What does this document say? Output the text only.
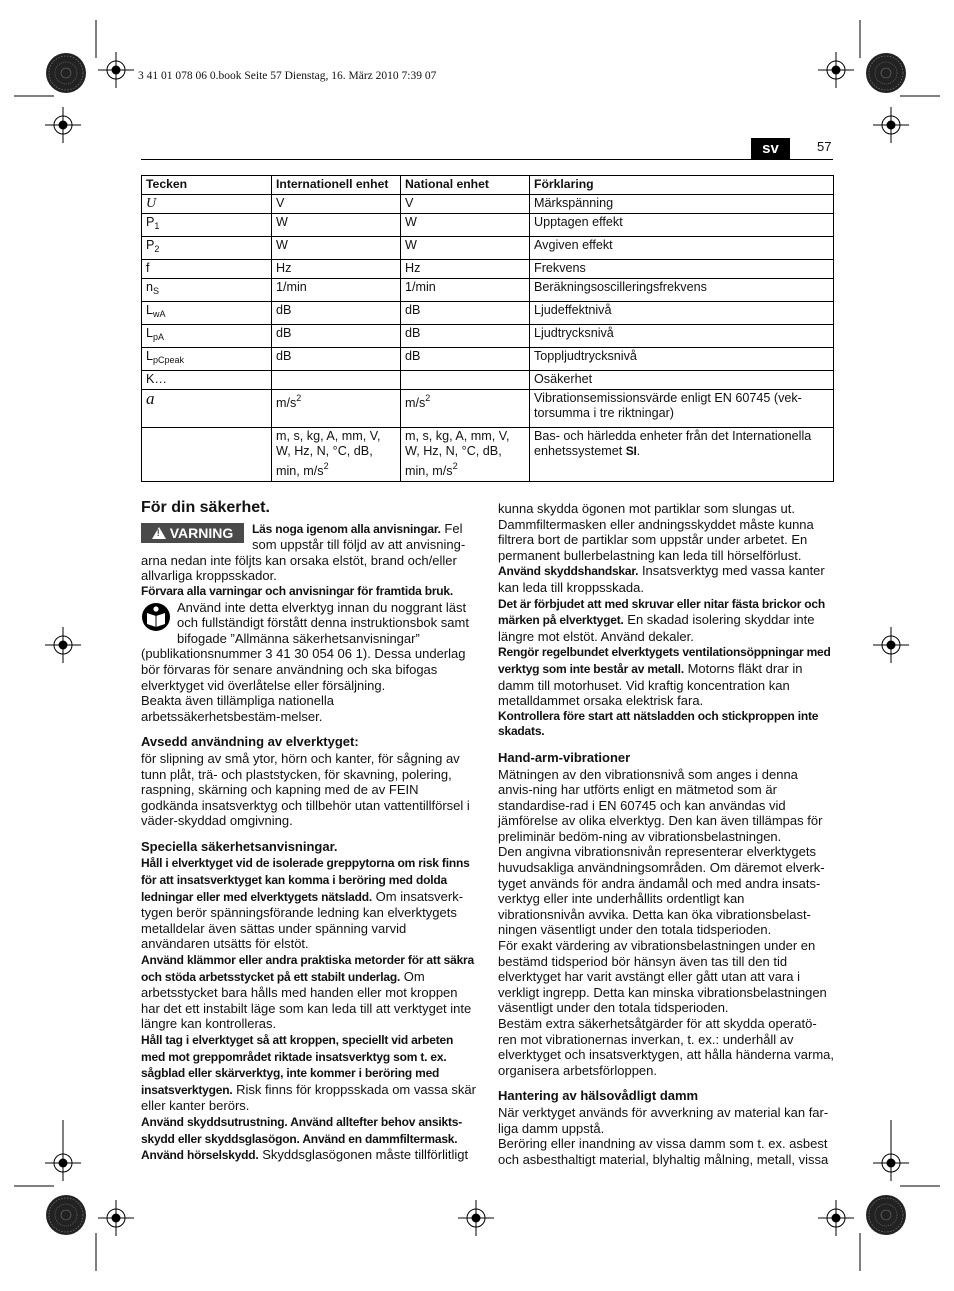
3 41 01 078 06 0.book Seite 57 Dienstag, 16. März 2010 7:39 07
sv	57
Tecken	Internationell enhet	National enhet	Förklaring
U	V	V	Märkspänning
$P_1$	W	W	Upptagen effekt
$P_2$	W	W	Avgiven effekt
f	Hz	Hz	Frekvens
$n_S$	1/min	1/min	Beräkningsoscilleringsfrekvens
$L_{wA}$	dB	dB	Ljudeffektnivå
$L_{pA}$	dB	dB	Ljudtrycksnivå
$L_{pCpeak}$	dB	dB	Toppljudtrycksnivå
K…			Osäkerhet
a	$m/s^2$	$m/s^2$	Vibrationsemissionsvärde enligt EN 60745 (vek-torsumma i tre riktningar)
	m, s, kg, A, mm, V, W, Hz, N, °C, dB, min, $m/s^2$	m, s, kg, A, mm, V, W, Hz, N, °C, dB, min, $m/s^2$	Bas- och härledda enheter från det Internationella enhetssystemet SI.
För din säkerhet.

! VARNING Läs noga igenom alla anvisningar. Fel som uppstår till följd av att anvisning-arna nedan inte följts kan orsaka elstöt, brand och/eller allvarliga kroppsskador.

Förvara alla varningar och anvisningar för framtida bruk.

Använd inte detta elverktyg innan du noggrant läst och fullständigt förstått denna instruktionsbok samt bifogade ”Allmänna säkerhetsanvisningar” (publikationsnummer 3 41 30 054 06 1). Dessa underlag bör förvaras för senare användning och ska bifogas elverktyget vid överlåtelse eller försäljning.

Beakta även tillämpliga nationella arbetssäkerhetsbestäm-melser.

Avsedd användning av elverktyget:

för slipning av små ytor, hörn och kanter, för sågning av tunn plåt, trä- och plaststycken, för skavning, polering, raspning, skärning och kapning med de av FEIN godkända insatsverktyg och tillbehör utan vattentillförsel i väder-skyddad omgivning.

Speciella säkerhetsanvisningar.

Håll i elverktyget vid de isolerade greppytorna om risk finns för att insatsverktyget kan komma i beröring med dolda ledningar eller med elverktygets nätsladd. Om insatsverk-tygen berör spänningsförande ledning kan elverktygets metalldelar även sättas under spänning varvid användaren utsätts för elstöt.

Använd klämmor eller andra praktiska metorder för att säkra och stöda arbetsstycket på ett stabilt underlag. Om arbetsstycket bara hålls med handen eller mot kroppen har det ett instabilt läge som kan leda till att verktyget inte längre kan kontrolleras.

Håll tag i elverktyget så att kroppen, speciellt vid arbeten med mot greppområdet riktade insatsverktyg som t. ex. sågblad eller skärverktyg, inte kommer i beröring med insatsverktygen. Risk finns för kroppsskada om vassa skär eller kanter berörs.

Använd skyddsutrustning. Använd alltefter behov ansikts-skydd eller skyddsglasögon. Använd en dammfiltermask. Använd hörselskydd. Skyddsglasögonen måste tillförlitligt

kunna skydda ögonen mot partiklar som slungas ut. Dammfiltermasken eller andningsskyddet måste kunna filtrera bort de partiklar som uppstår under arbetet. En permanent bullerbelastning kan leda till hörselförlust.

Använd skyddshandskar. Insatsverktyg med vassa kanter kan leda till kroppsskada.

Det är förbjudet att med skruvar eller nitar fästa brickor och märken på elverktyget. En skadad isolering skyddar inte längre mot elstöt. Använd dekaler.

Rengör regelbundet elverktygets ventilationsöppningar med verktyg som inte består av metall. Motorns fläkt drar in damm till motorhuset. Vid kraftig koncentration kan metalldammet orsaka elektrisk fara.

Kontrollera före start att nätsladden och stickproppen inte skadats.

Hand-arm-vibrationer

Mätningen av den vibrationsnivå som anges i denna anvis-ning har utförts enligt en mätmetod som är standardise-rad i EN 60745 och kan användas vid jämförelse av olika elverktyg. Den kan även tillämpas för preliminär bedöm-ning av vibrationsbelastningen.

Den angivna vibrationsnivån representerar elverktygets huvudsakliga användningsområden. Om däremot elverk-tyget används för andra ändamål och med andra insats-verktyg eller inte underhållits ordentligt kan vibrationsnivån avvika. Detta kan öka vibrationsbelast-ningen väsentligt under den totala tidsperioden.

För exakt värdering av vibrationsbelastningen under en bestämd tidsperiod bör hänsyn även tas till den tid elverktyget har varit avstängt eller gått utan att vara i verkligt ingrepp. Detta kan minska vibrationsbelastningen väsentligt under den totala tidsperioden.

Bestäm extra säkerhetsåtgärder för att skydda operatö-ren mot vibrationernas inverkan, t. ex.: underhåll av elverktyget och insatsverktygen, att hålla händerna varma, organisera arbetsförloppen.

Hantering av hälsovådligt damm

När verktyget används för avverkning av material kan far-liga damm uppstå.

Beröring eller inandning av vissa damm som t. ex. asbest och asbesthaltigt material, blyhaltig målning, metall, vissa
